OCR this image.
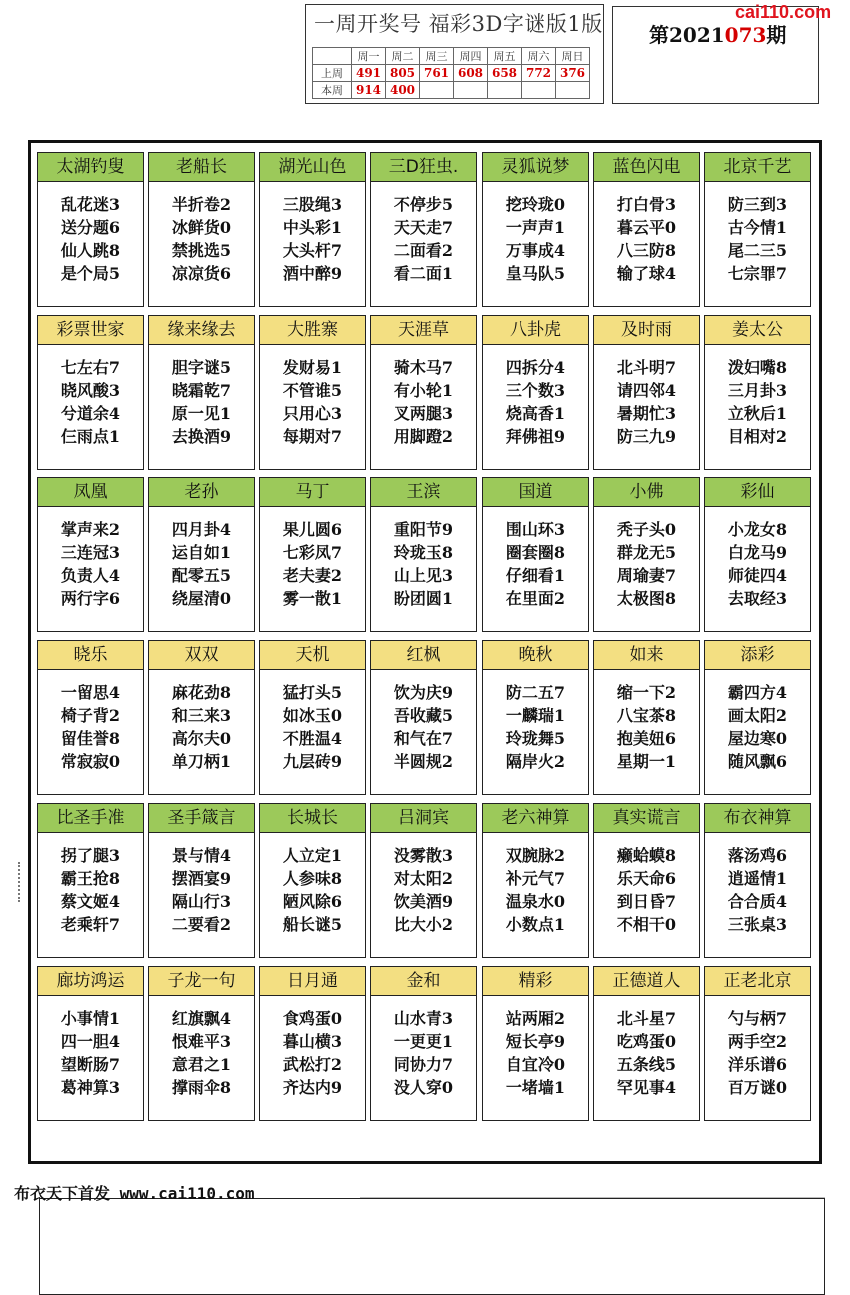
一周开奖号 福彩3D字谜版1版
	周一	周二	周三	周四	周五	周六	周日
上周	491	805	761	608	658	772	376
本周	914	400					
第2021073期
cai110.com
太湖钓叟
乱花迷3
送分题6
仙人跳8
是个局5
老船长
半折卷2
冰鲜货0
禁挑选5
凉凉货6
湖光山色
三股绳3
中头彩1
大头杆7
酒中醉9
三D狂虫.
不停步5
天天走7
二面看2
看二面1
灵狐说梦
挖玲珑0
一声声1
万事成4
皇马队5
蓝色闪电
打白骨3
暮云平0
八三防8
输了球4
北京千艺
防三到3
古今情1
尾二三5
七宗罪7
彩票世家
七左右7
晓风酸3
兮道余4
仨雨点1
缘来缘去
胆字谜5
晓霜乾7
原一见1
去换酒9
大胜寨
发财易1
不管谁5
只用心3
每期对7
天涯草
骑木马7
有小轮1
叉两腿3
用脚蹬2
八卦虎
四拆分4
三个数3
烧高香1
拜佛祖9
及时雨
北斗明7
请四邻4
暑期忙3
防三九9
姜太公
泼妇嘴8
三月卦3
立秋后1
目相对2
凤凰
掌声来2
三连冠3
负责人4
两行字6
老孙
四月卦4
运自如1
配零五5
绕屋清0
马丁
果儿圆6
七彩凤7
老夫妻2
雾一散1
王滨
重阳节9
玲珑玉8
山上见3
盼团圆1
国道
围山环3
圈套圈8
仔细看1
在里面2
小佛
秃子头0
群龙无5
周瑜妻7
太极图8
彩仙
小龙女8
白龙马9
师徒四4
去取经3
晓乐
一留思4
椅子背2
留佳誉8
常寂寂0
双双
麻花劲8
和三来3
高尔夫0
单刀柄1
天机
猛打头5
如冰玉0
不胜温4
九层砖9
红枫
饮为庆9
吾收藏5
和气在7
半圆规2
晚秋
防二五7
一麟瑞1
玲珑舞5
隔岸火2
如来
缩一下2
八宝茶8
抱美妞6
星期一1
添彩
霸四方4
画太阳2
屋边寒0
随风飘6
比圣手准
拐了腿3
霸王抢8
蔡文姬4
老乘轩7
圣手箴言
景与情4
摆酒宴9
隔山行3
二要看2
长城长
人立定1
人参味8
陋风除6
船长谜5
吕洞宾
没雾散3
对太阳2
饮美酒9
比大小2
老六神算
双腕脉2
补元气7
温泉水0
小数点1
真实谎言
癞蛤蟆8
乐天命6
到日昏7
不相干0
布衣神算
落汤鸡6
逍遥情1
合合质4
三张桌3
廊坊鸿运
小事情1
四一胆4
望断肠7
葛神算3
子龙一句
红旗飘4
恨难平3
意君之1
撑雨伞8
日月通
食鸡蛋0
暮山横3
武松打2
齐达内9
金和
山水青3
一更更1
同协力7
没人穿0
精彩
站两厢2
短长亭9
自宜冷0
一堵墙1
正德道人
北斗星7
吃鸡蛋0
五条线5
罕见事4
正老北京
勺与柄7
两手空2
洋乐谱6
百万谜0
布衣天下首发 www.cai110.com
